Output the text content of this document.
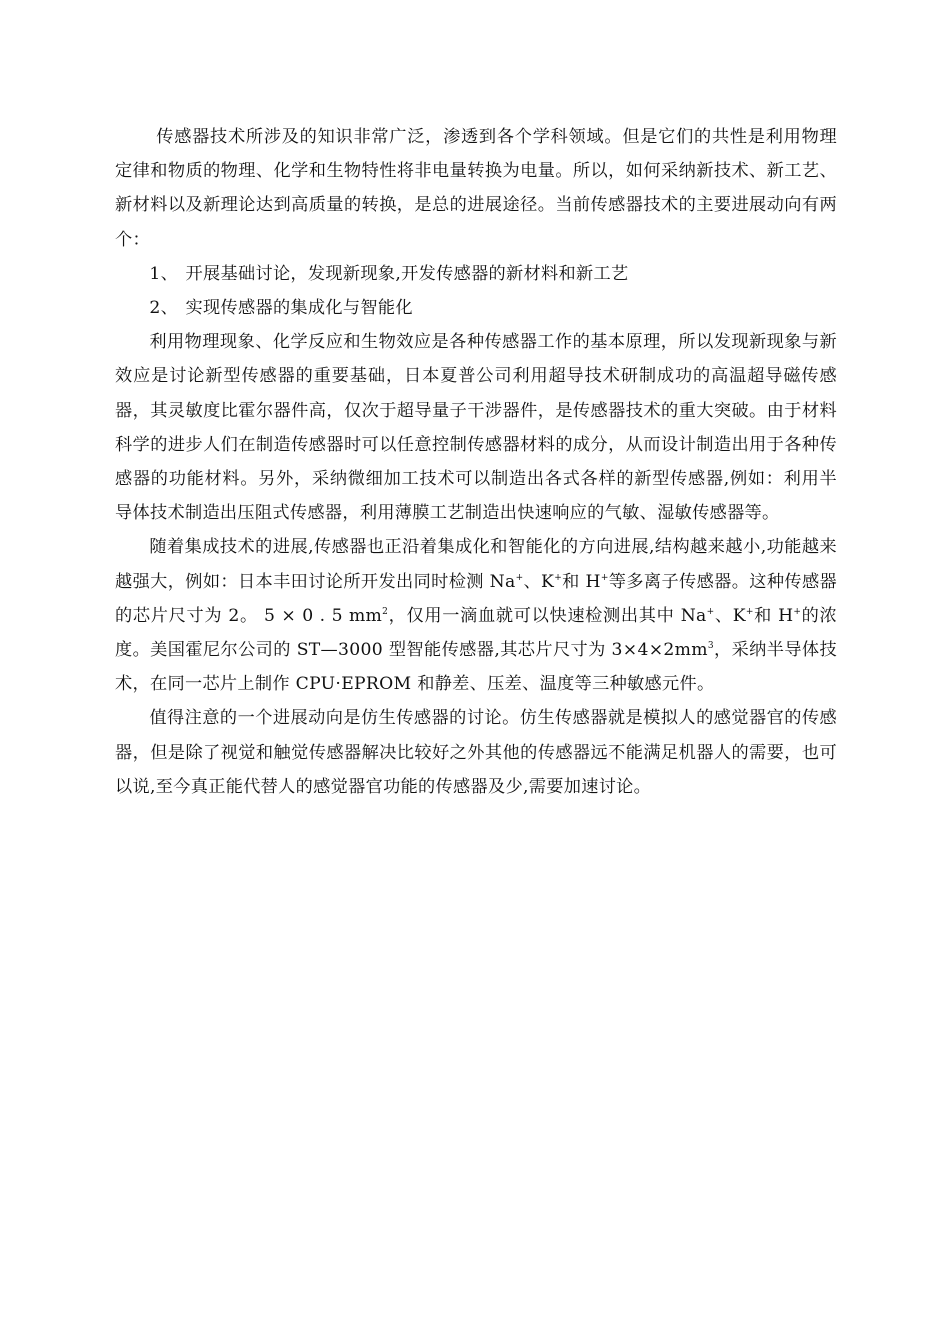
传感器技术所涉及的知识非常广泛，渗透到各个学科领域。但是它们的共性是利用物理定律和物质的物理、化学和生物特性将非电量转换为电量。所以，如何采纳新技术、新工艺、新材料以及新理论达到高质量的转换，是总的进展途径。当前传感器技术的主要进展动向有两个：

1、 开展基础讨论，发现新现象,开发传感器的新材料和新工艺

2、 实现传感器的集成化与智能化

利用物理现象、化学反应和生物效应是各种传感器工作的基本原理，所以发现新现象与新效应是讨论新型传感器的重要基础，日本夏普公司利用超导技术研制成功的高温超导磁传感器，其灵敏度比霍尔器件高，仅次于超导量子干涉器件，是传感器技术的重大突破。由于材料科学的进步人们在制造传感器时可以任意控制传感器材料的成分，从而设计制造出用于各种传感器的功能材料。另外，采纳微细加工技术可以制造出各式各样的新型传感器,例如：利用半导体技术制造出压阻式传感器，利用薄膜工艺制造出快速响应的气敏、湿敏传感器等。

随着集成技术的进展,传感器也正沿着集成化和智能化的方向进展,结构越来越小,功能越来越强大，例如：日本丰田讨论所开发出同时检测 Na+、K+和 H+等多离子传感器。这种传感器的芯片尺寸为 2。 5 × 0 . 5 $mm^2$，仅用一滴血就可以快速检测出其中 Na+、K+和 H+的浓度。美国霍尼尔公司的 ST—3000 型智能传感器,其芯片尺寸为 $3\times 4\times 2mm^3$，采纳半导体技术，在同一芯片上制作 CPU·EPROM 和静差、压差、温度等三种敏感元件。

值得注意的一个进展动向是仿生传感器的讨论。仿生传感器就是模拟人的感觉器官的传感器，但是除了视觉和触觉传感器解决比较好之外其他的传感器远不能满足机器人的需要，也可以说,至今真正能代替人的感觉器官功能的传感器及少,需要加速讨论。
